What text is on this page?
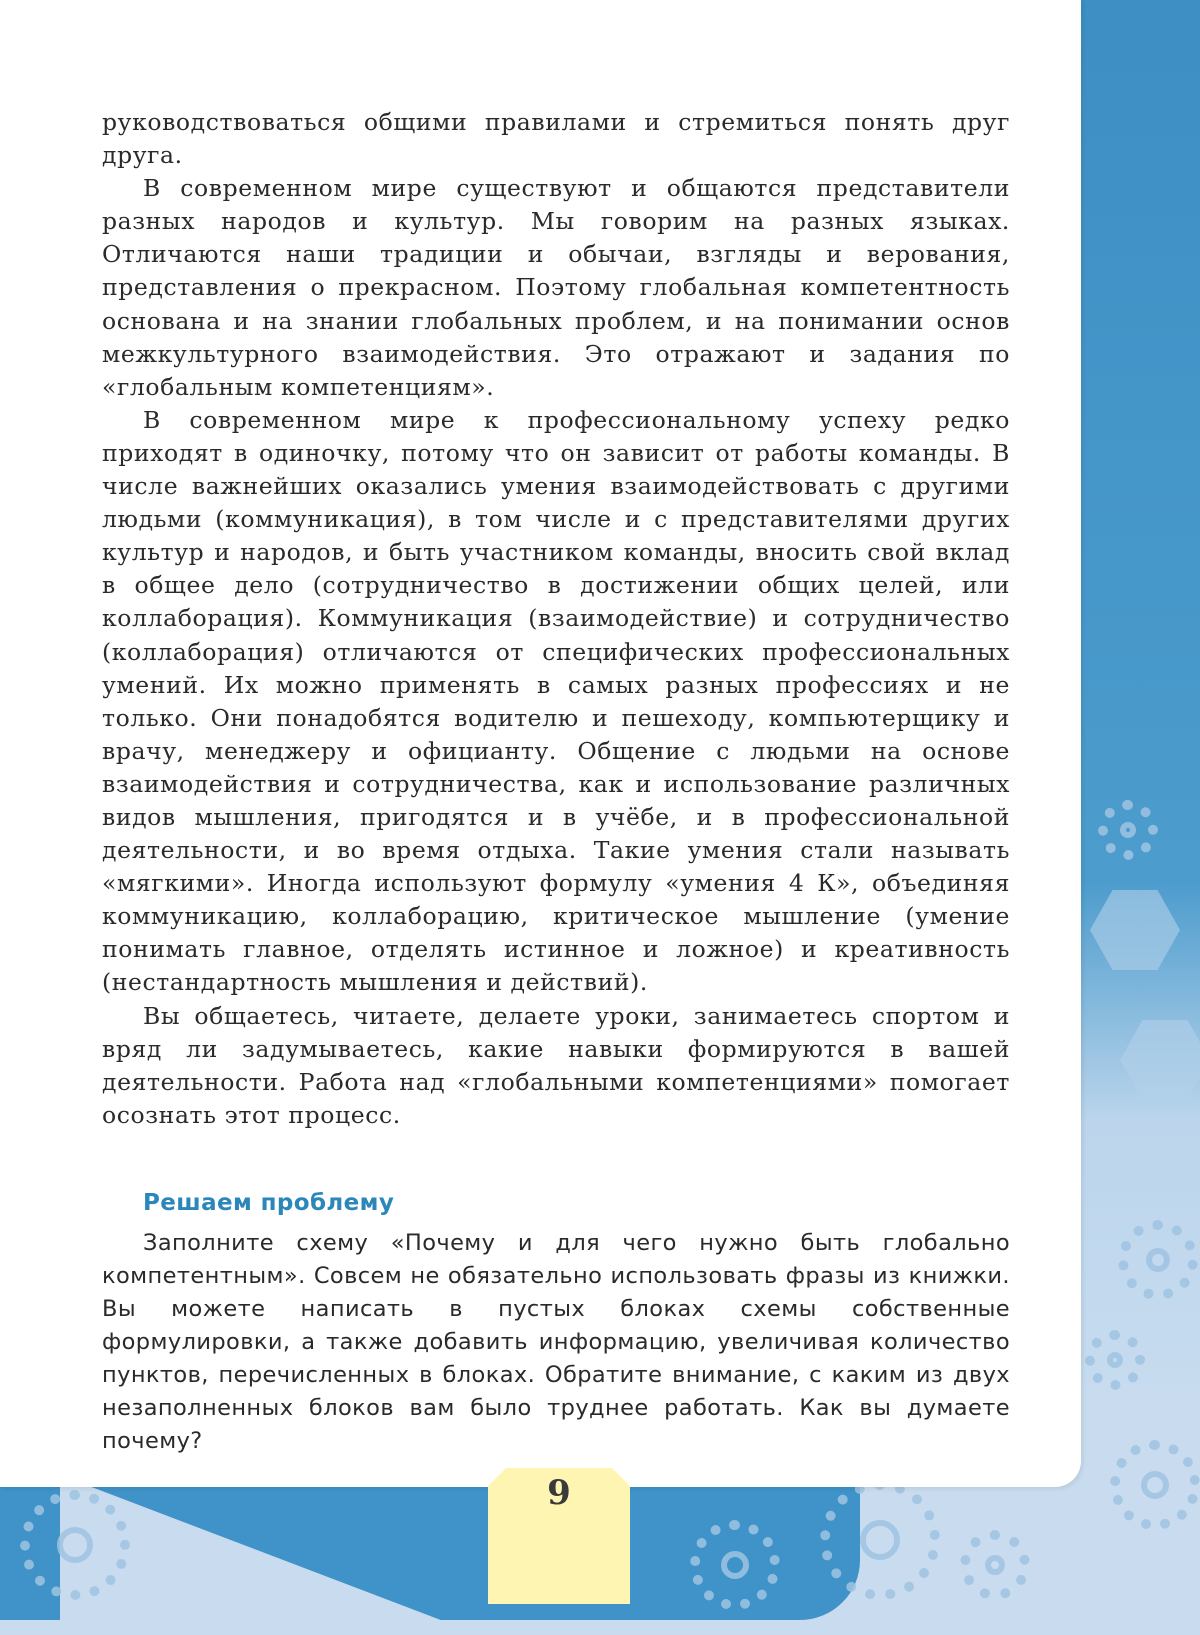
руководствоваться общими правилами и стремиться понять друг друга.

В современном мире существуют и общаются представители разных народов и культур. Мы говорим на разных языках. Отличаются наши традиции и обычаи, взгляды и верования, представления о прекрасном. Поэтому глобальная компетентность основана и на знании глобальных проблем, и на понимании основ межкультурного взаимодействия. Это отражают и задания по «глобальным компетенциям».

В современном мире к профессиональному успеху редко приходят в одиночку, потому что он зависит от работы команды. В числе важнейших оказались умения взаимодействовать с другими людьми (коммуникация), в том числе и с представителями других культур и народов, и быть участником команды, вносить свой вклад в общее дело (сотрудничество в достижении общих целей, или коллаборация). Коммуникация (взаимодействие) и сотрудничество (коллаборация) отличаются от специфических профессиональных умений. Их можно применять в самых разных профессиях и не только. Они понадобятся водителю и пешеходу, компьютерщику и врачу, менеджеру и официанту. Общение с людьми на основе взаимодействия и сотрудничества, как и использование различных видов мышления, пригодятся и в учёбе, и в профессиональной деятельности, и во время отдыха. Такие умения стали называть «мягкими». Иногда используют формулу «умения 4 К», объединяя коммуникацию, коллаборацию, критическое мышление (умение понимать главное, отделять истинное и ложное) и креативность (нестандартность мышления и действий).

Вы общаетесь, читаете, делаете уроки, занимаетесь спортом и вряд ли задумываетесь, какие навыки формируются в вашей деятельности. Работа над «глобальными компетенциями» помогает осознать этот процесс.

Решаем проблему

Заполните схему «Почему и для чего нужно быть глобально компетентным». Совсем не обязательно использовать фразы из книжки. Вы можете написать в пустых блоках схемы собственные формулировки, а также добавить информацию, увеличивая количество пунктов, перечисленных в блоках. Обратите внимание, с каким из двух незаполненных блоков вам было труднее работать. Как вы думаете почему?

9
